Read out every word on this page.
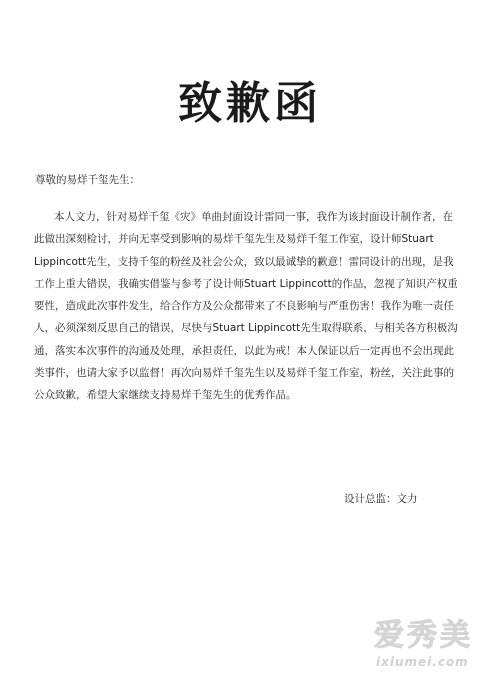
致歉函
尊敬的易烊千玺先生：
本人文力，针对易烊千玺《灾》单曲封面设计雷同一事，我作为该封面设计制作者，在
此做出深刻检讨，并向无辜受到影响的易烊千玺先生及易烊千玺工作室，设计师Stuart
Lippincott先生，支持千玺的粉丝及社会公众，致以最诚挚的歉意！雷同设计的出现，是我
工作上重大错误，我确实借鉴与参考了设计师Stuart Lippincott的作品，忽视了知识产权重
要性，造成此次事件发生，给合作方及公众都带来了不良影响与严重伤害！我作为唯一责任
人，必须深刻反思自己的错误，尽快与Stuart Lippincott先生取得联系，与相关各方积极沟
通，落实本次事件的沟通及处理，承担责任，以此为戒！本人保证以后一定再也不会出现此
类事件，也请大家予以监督！再次向易烊千玺先生以及易烊千玺工作室，粉丝，关注此事的
公众致歉，希望大家继续支持易烊千玺先生的优秀作品。
设计总监：文力
爱秀美
ixiumei.com
